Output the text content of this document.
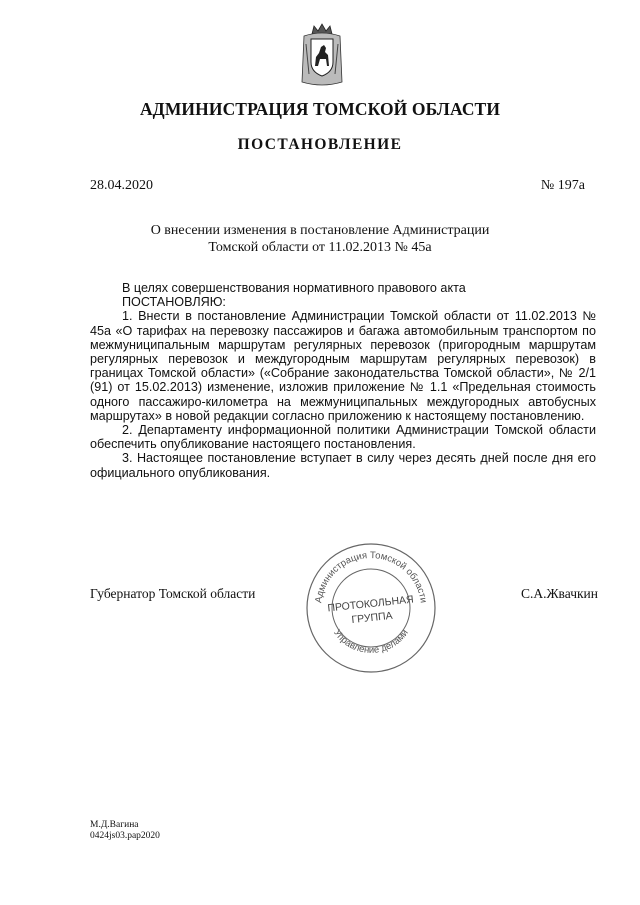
АДМИНИСТРАЦИЯ ТОМСКОЙ ОБЛАСТИ
ПОСТАНОВЛЕНИЕ
28.04.2020	№ 197а
О внесении изменения в постановление Администрации
Томской области от 11.02.2013 № 45а

В целях совершенствования нормативного правового акта

ПОСТАНОВЛЯЮ:

1. Внести в постановление Администрации Томской области от 11.02.2013 № 45а «О тарифах на перевозку пассажиров и багажа автомобильным транспортом по межмуниципальным маршрутам регулярных перевозок (пригородным маршрутам регулярных перевозок и междугородным маршрутам регулярных перевозок) в границах Томской области» («Собрание законодательства Томской области», № 2/1 (91) от 15.02.2013) изменение, изложив приложение № 1.1 «Предельная стоимость одного пассажиро-километра на межмуниципальных междугородных автобусных маршрутах» в новой редакции согласно приложению к настоящему постановлению.

2. Департаменту информационной политики Администрации Томской области обеспечить опубликование настоящего постановления.

3. Настоящее постановление вступает в силу через десять дней после дня его официального опубликования.

Губернатор Томской области	С.А.Жвачкин
Администрация Томской области
Управление делами
ПРОТОКОЛЬНАЯ
ГРУППА
М.Д.Вагина
0424js03.pap2020
